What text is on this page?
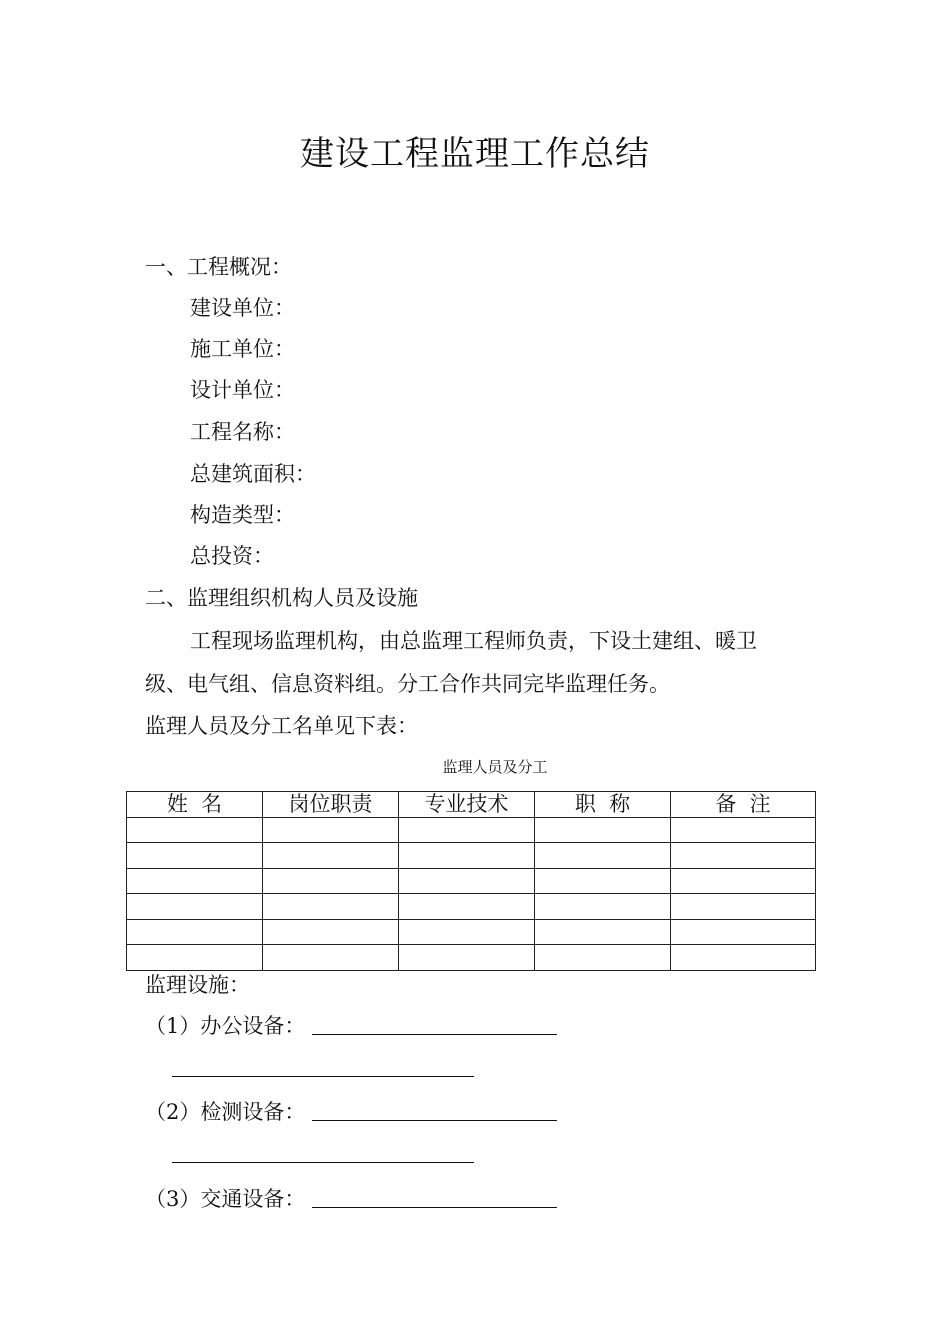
建设工程监理工作总结
一、工程概况：
建设单位：
施工单位：
设计单位：
工程名称：
总建筑面积：
构造类型：
总投资：
二、监理组织机构人员及设施
工程现场监理机构，由总监理工程师负责，下设土建组、暖卫
级、电气组、信息资料组。分工合作共同完毕监理任务。
监理人员及分工名单见下表：
监理人员及分工
姓  名	岗位职责	专业技术	职  称	备  注

监理设施：
（1）办公设备：
（2）检测设备：
（3）交通设备：
